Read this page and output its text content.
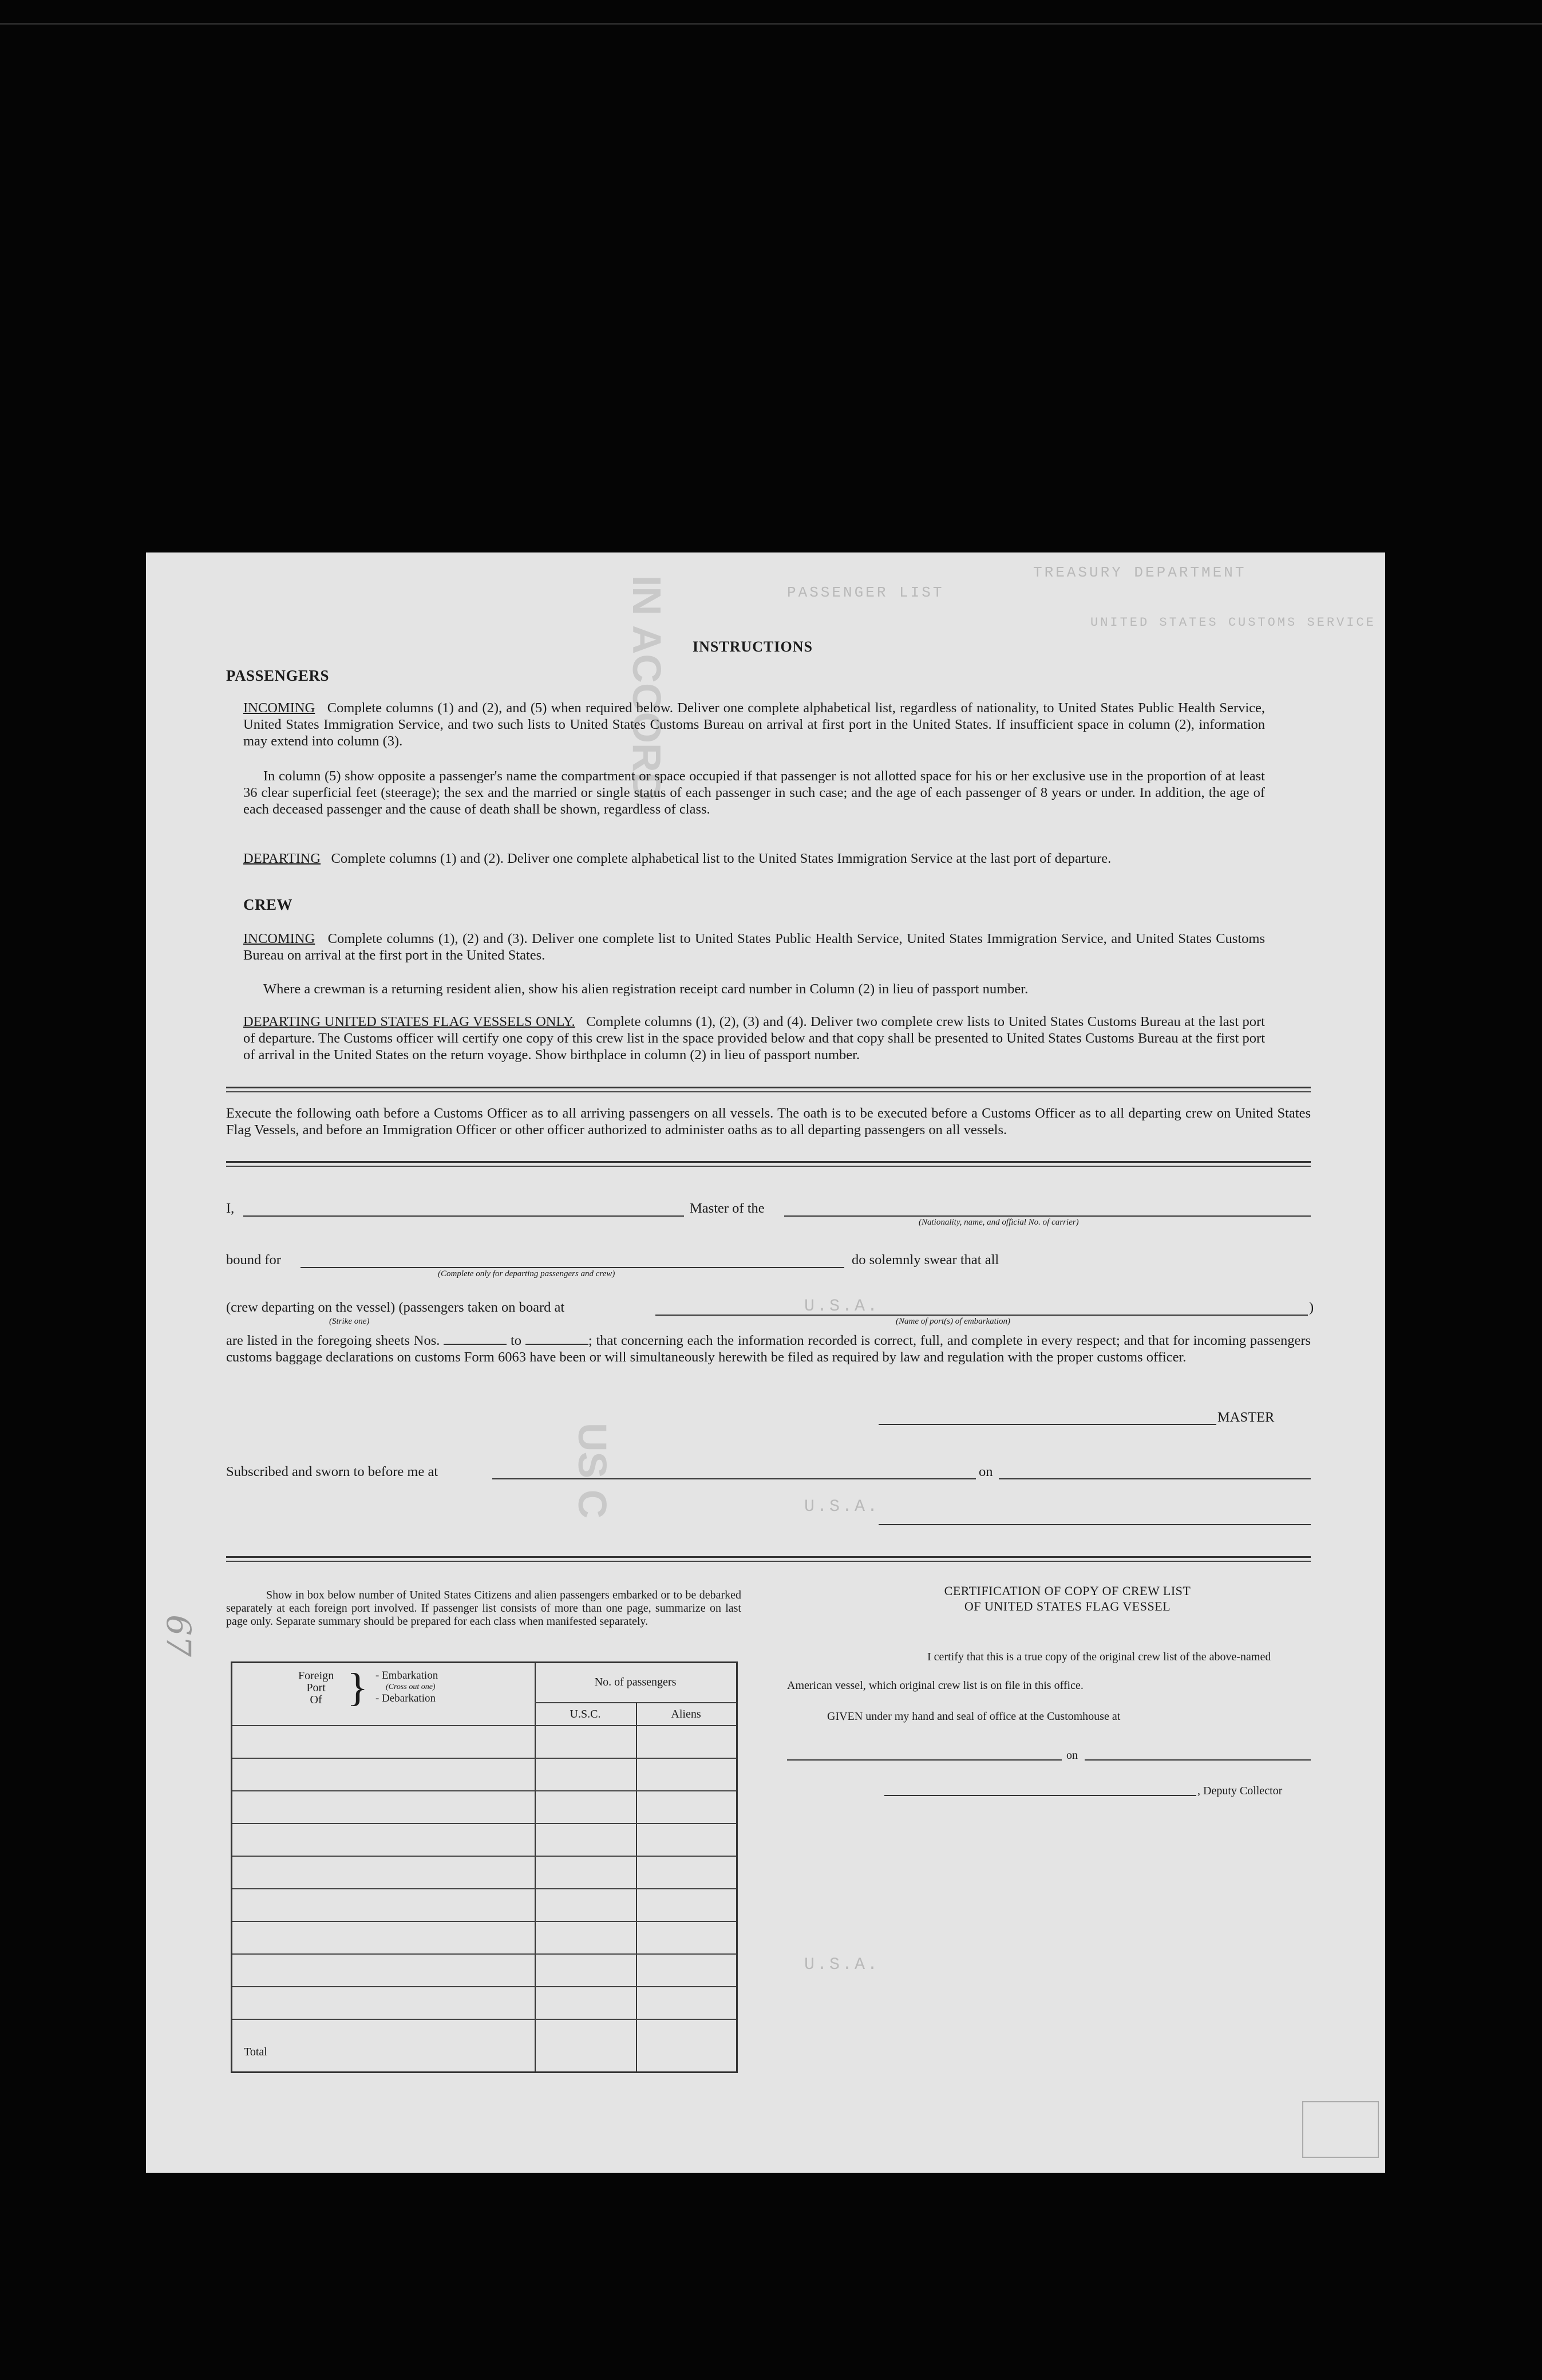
PASSENGER LIST
TREASURY DEPARTMENT
UNITED STATES CUSTOMS SERVICE
U.S.A.
U.S.A.
U.S.A.
IN ACCORD
US C
67
INSTRUCTIONS
PASSENGERS
INCOMING Complete columns (1) and (2), and (5) when required below. Deliver one complete alphabetical list, regardless of nationality, to United States Public Health Service, United States Immigration Service, and two such lists to United States Customs Bureau on arrival at first port in the United States. If insufficient space in column (2), information may extend into column (3).
In column (5) show opposite a passenger's name the compartment or space occupied if that passenger is not allotted space for his or her exclusive use in the proportion of at least 36 clear superficial feet (steerage); the sex and the married or single status of each passenger in such case; and the age of each passenger of 8 years or under. In addition, the age of each deceased passenger and the cause of death shall be shown, regardless of class.
DEPARTING Complete columns (1) and (2). Deliver one complete alphabetical list to the United States Immigration Service at the last port of departure.
CREW
INCOMING Complete columns (1), (2) and (3). Deliver one complete list to United States Public Health Service, United States Immigration Service, and United States Customs Bureau on arrival at the first port in the United States.
Where a crewman is a returning resident alien, show his alien registration receipt card number in Column (2) in lieu of passport number.
DEPARTING UNITED STATES FLAG VESSELS ONLY. Complete columns (1), (2), (3) and (4). Deliver two complete crew lists to United States Customs Bureau at the last port of departure. The Customs officer will certify one copy of this crew list in the space provided below and that copy shall be presented to United States Customs Bureau at the first port of arrival in the United States on the return voyage. Show birthplace in column (2) in lieu of passport number.
Execute the following oath before a Customs Officer as to all arriving passengers on all vessels. The oath is to be executed before a Customs Officer as to all departing crew on United States Flag Vessels, and before an Immigration Officer or other officer authorized to administer oaths as to all departing passengers on all vessels.
I,	Master of the
(Nationality, name, and official No. of carrier)
bound for
(Complete only for departing passengers and crew)
do solemnly swear that all
(crew departing on the vessel) (passengers taken on board at
(Strike one)
)
(Name of port(s) of embarkation)
are listed in the foregoing sheets Nos.	to	; that concerning each the information recorded is correct, full, and complete in every respect; and that for incoming passengers customs baggage declarations on customs Form 6063 have been or will simultaneously herewith be filed as required by law and regulation with the proper customs officer.
MASTER
Subscribed and sworn to before me at	on
Show in box below number of United States Citizens and alien passengers embarked or to be debarked separately at each foreign port involved. If passenger list consists of more than one page, summarize on last page only. Separate summary should be prepared for each class when manifested separately.
Foreign
Port
Of } - Embarkation
(Cross out one)
- Debarkation
No. of passengers
U.S.C.	Aliens
Total
CERTIFICATION OF COPY OF CREW LIST
OF UNITED STATES FLAG VESSEL
I certify that this is a true copy of the original crew list of the above-named
American vessel, which original crew list is on file in this office.
GIVEN under my hand and seal of office at the Customhouse at
on
, Deputy Collector
